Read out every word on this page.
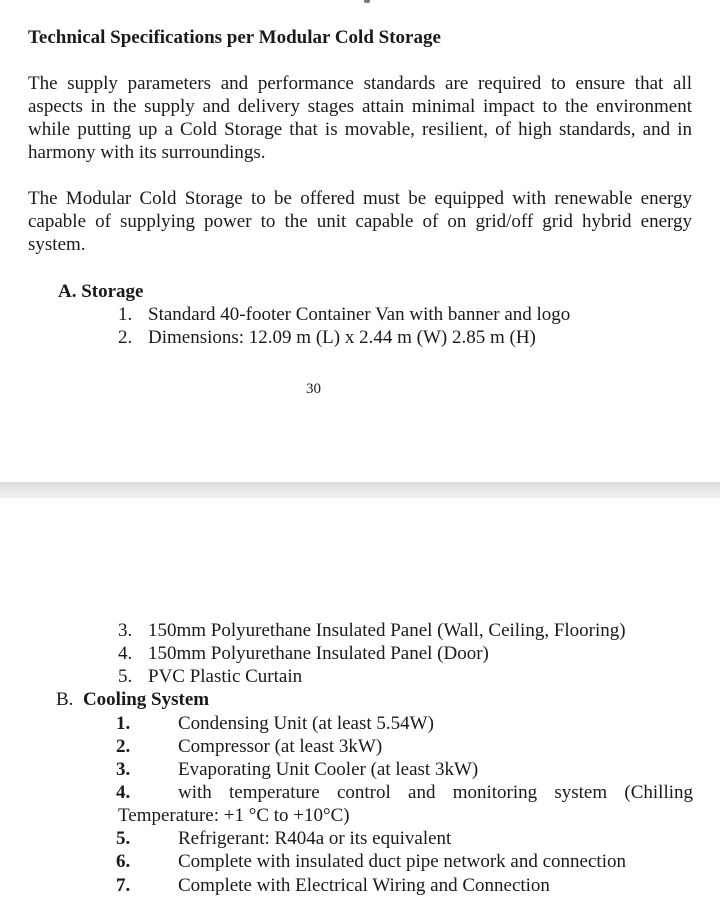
Technical Specifications per Modular Cold Storage

The supply parameters and performance standards are required to ensure that all aspects in the supply and delivery stages attain minimal impact to the environment while putting up a Cold Storage that is movable, resilient, of high standards, and in harmony with its surroundings.

The Modular Cold Storage to be offered must be equipped with renewable energy capable of supplying power to the unit capable of on grid/off grid hybrid energy system.

A. Storage
1. Standard 40-footer Container Van with banner and logo
2. Dimensions: 12.09 m (L) x 2.44 m (W) 2.85 m (H)
30
3. 150mm Polyurethane Insulated Panel (Wall, Ceiling, Flooring)
4. 150mm Polyurethane Insulated Panel (Door)
5. PVC Plastic Curtain
B. Cooling System
1.	Condensing Unit (at least 5.54W)
2.	Compressor (at least 3kW)
3.	Evaporating Unit Cooler (at least 3kW)
4.	with temperature control and monitoring system (Chilling

Temperature: +1 °C to +10°C)

5.	Refrigerant: R404a or its equivalent
6.	Complete with insulated duct pipe network and connection
7.	Complete with Electrical Wiring and Connection
